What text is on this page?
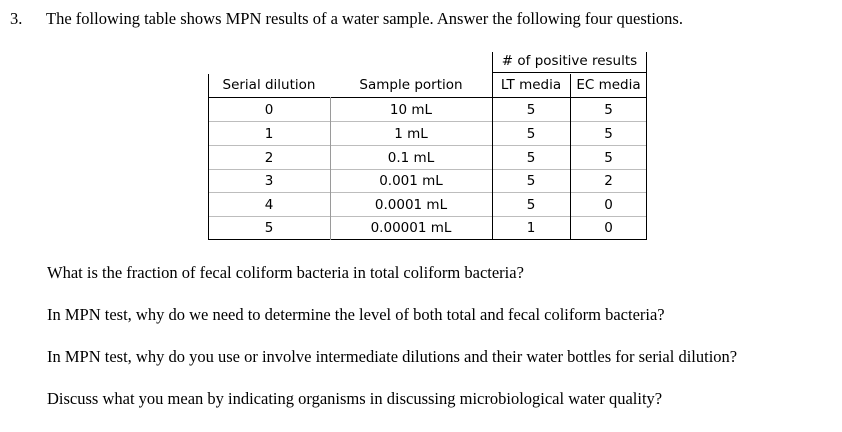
3. The following table shows MPN results of a water sample. Answer the following four questions.
# of positive results
Serial dilution	Sample portion	LT media	EC media
0	10 mL	5	5
1	1 mL	5	5
2	0.1 mL	5	5
3	0.001 mL	5	2
4	0.0001 mL	5	0
5	0.00001 mL	1	0
What is the fraction of fecal coliform bacteria in total coliform bacteria?
In MPN test, why do we need to determine the level of both total and fecal coliform bacteria?
In MPN test, why do you use or involve intermediate dilutions and their water bottles for serial dilution?
Discuss what you mean by indicating organisms in discussing microbiological water quality?
